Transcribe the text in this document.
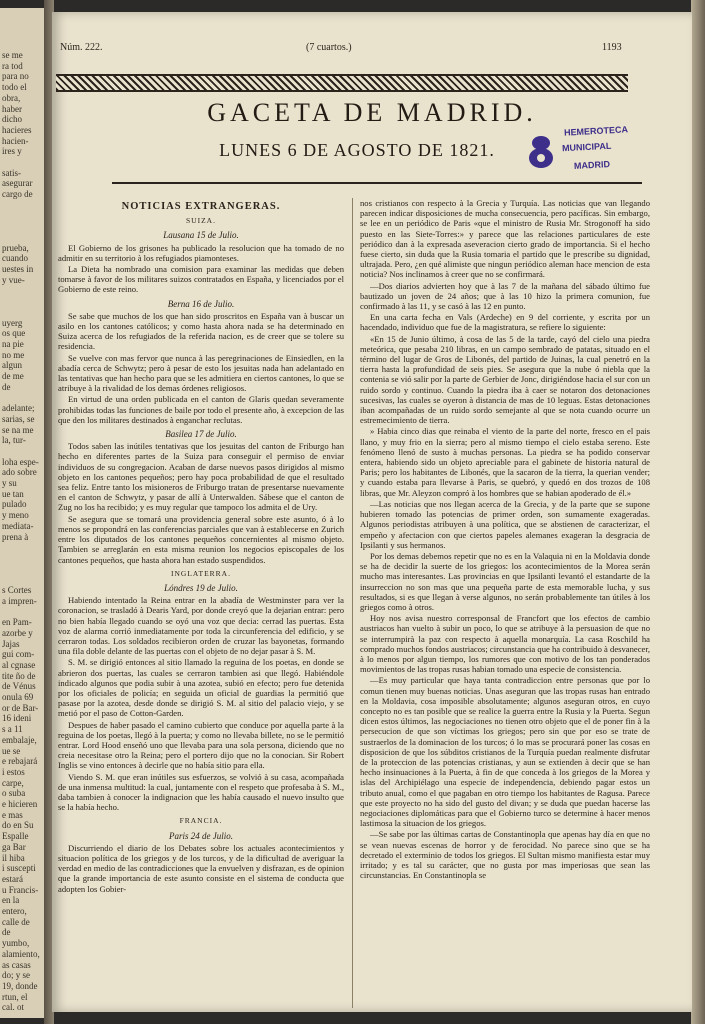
se me
ra tod
para no
todo el
obra,
haber
dicho
hacieres
hacien-
ires y
satis-
asegurar
cargo de
prueba,
cuando
uestes in
y vue-
uyerg
os que
na pie
no me
algun
de me
de
adelante;
sarias, se
se na me
la, tur-
loha espe-
ado sobre
y su
ue tan
pulado
y meno
mediata-
prena à
s Cortes
a impren-
en Pam-
azorbe y
Jajas
gui com-
al cgnase
tite ño de
de Vénus
onula 69
or de Bar-
16 ideni
s a 11
embalaje,
ue se
e rebajará
i estos
carpe,
o suba
e hicieren
e mas
do en Su
Espalle
ga Bar
il hiba
i suscepti
estará
u Francis-
en la
entero,
calle de
de
yumbo,
alamiento,
as casas
do; y se
19, donde
rtun, el
cal. ot
Núm. 222.	(7 cuartos.)	1193
GACETA DE MADRID.
LUNES 6 DE AGOSTO DE 1821.
HEMEROTECA
MUNICIPAL
MADRID
NOTICIAS EXTRANGERAS.
SUIZA.
Lausana 15 de Julio.

El Gobierno de los grisones ha publicado la resolucion que ha tomado de no admitir en su territorio à los refugiados piamonteses.

La Dieta ha nombrado una comision para examinar las medidas que deben tomarse à favor de los militares suizos contratados en España, y licenciados por el Gobierno de este reino.

Berna 16 de Julio.

Se sabe que muchos de los que han sido proscritos en España van à buscar un asilo en los cantones católicos; y como hasta ahora nada se ha determinado en Suiza acerca de los refugiados de la referida nacion, es de creer que se tolere su residencia.

Se vuelve con mas fervor que nunca à las peregrinaciones de Einsiedlen, en la abadía cerca de Schwytz; pero à pesar de esto los jesuitas nada han adelantado en las tentativas que han hecho para que se les admitiera en ciertos cantones, lo que se atribuye à la rivalidad de los demas órdenes religiosos.

En virtud de una orden publicada en el canton de Glaris quedan severamente prohibidas todas las funciones de baile por todo el presente año, à excepcion de las que den los militares destinados à enganchar reclutas.

Basilea 17 de Julio.

Todos saben las inútiles tentativas que los jesuitas del canton de Friburgo han hecho en diferentes partes de la Suiza para conseguir el permiso de enviar individuos de su congregacion. Acaban de darse nuevos pasos dirigidos al mismo objeto en los cantones pequeños; pero hay poca probabilidad de que el resultado sea feliz. Entre tanto los misioneros de Friburgo tratan de presentarse nuevamente en el canton de Schwytz, y pasar de allí à Unterwalden. Sábese que el canton de Zug no los ha recibido; y es muy regular que tampoco los admita el de Ury.

Se asegura que se tomará una providencia general sobre este asunto, ó à lo menos se propondrá en las conferencias parciales que van à establecerse en Zurich entre los diputados de los cantones pequeños concernientes al mismo objeto. Tambien se arreglarán en esta misma reunion los negocios episcopales de los cantones pequeños, que hasta ahora han estado suspendidos.

INGLATERRA.
Lóndres 19 de Julio.

Habiendo intentado la Reina entrar en la abadía de Westminster para ver la coronacion, se trasladó à Dearis Yard, por donde creyó que la dejarian entrar: pero no bien había llegado cuando se oyó una voz que decia: cerrad las puertas. Esta voz de alarma corrió inmediatamente por toda la circunferencia del edificio, y se cerraron todas. Los soldados recibieron orden de cruzar las bayonetas, formando una fila doble delante de las puertas con el objeto de no dejar pasar à S. M.

S. M. se dirigió entonces al sitio llamado la reguina de los poetas, en donde se abrieron dos puertas, las cuales se cerraron tambien asi que llegó. Habiéndole indicado algunos que podia subir à una azotea, subió en efecto; pero fue detenida por los oficiales de policía; en seguida un oficial de guardias la permitió que pasase por la azotea, desde donde se dirigió S. M. al sitio del palacio viejo, y se metió por el paso de Cotton-Garden.

Despues de haber pasado el camino cubierto que conduce por aquella parte à la reguina de los poetas, llegó à la puerta; y como no llevaba billete, no se le permitió entrar. Lord Hood enseñó uno que llevaba para una sola persona, diciendo que no creia necesitase otro la Reina; pero el portero dijo que no la conocian. Sir Robert Inglis se vino entonces à decirle que no había sitio para ella.

Viendo S. M. que eran inútiles sus esfuerzos, se volvió à su casa, acompañada de una inmensa multitud: la cual, juntamente con el respeto que profesaba à S. M., daba tambien à conocer la indignacion que les había causado el nuevo insulto que se la había hecho.

FRANCIA.
Paris 24 de Julio.

Discurriendo el diario de los Debates sobre los actuales acontecimientos y situacion política de los griegos y de los turcos, y de la dificultad de averiguar la verdad en medio de las contradicciones que la envuelven y disfrazan, es de opinion que la grande importancia de este asunto consiste en el sistema de conducta que adopten los Gobier-

nos cristianos con respecto à la Grecia y Turquía. Las noticias que van llegando parecen indicar disposiciones de mucha consecuencia, pero pacíficas. Sin embargo, se lee en un periódico de Paris «que el ministro de Rusia Mr. Strogonoff ha sido puesto en las Siete-Torres:» y parece que las relaciones particulares de este periódico dan à la expresada aseveracion cierto grado de importancia. Si el hecho fuese cierto, sin duda que la Rusia tomaria el partido que le prescribe su dignidad, ultrajada. Pero, ¿en qué alimiste que ningun periódico aleman hace mencion de esta noticia? Nos inclinamos à creer que no se confirmará.

—Dos diarios advierten hoy que à las 7 de la mañana del sábado último fue bautizado un joven de 24 años; que à las 10 hizo la primera comunion, fue confirmado à las 11, y se casó à las 12 en punto.

En una carta fecha en Vals (Ardeche) en 9 del corriente, y escrita por un hacendado, individuo que fue de la magistratura, se refiere lo siguiente:

«En 15 de Junio último, à cosa de las 5 de la tarde, cayó del cielo una piedra meteórica, que pesaba 210 libras, en un campo sembrado de patatas, situado en el término del lugar de Gros de Libonés, del partido de Juinas, la cual penetró en la tierra hasta la profundidad de seis pies. Se asegura que la nube ó niebla que la contenia se vió salir por la parte de Gerbier de Jonc, dirigiéndose hacia el sur con un ruido sordo y continuo. Cuando la piedra iba à caer se notaron dos detonaciones sucesivas, las cuales se oyeron à distancia de mas de 10 leguas. Estas detonaciones iban acompañadas de un ruido sordo semejante al que se nota cuando ocurre un estremecimiento de tierra.

» Habia cinco dias que reinaba el viento de la parte del norte, fresco en el pais llano, y muy frio en la sierra; pero al mismo tiempo el cielo estaba sereno. Este fenómeno llenó de susto à muchas personas. La piedra se ha podido conservar entera, habiendo sido un objeto apreciable para el gabinete de historia natural de Paris; pero los habitantes de Libonés, que la sacaron de la tierra, la querian vender; y cuando estaba para llevarse à Paris, se quebró, y quedó en dos trozos de 108 libras, que Mr. Aleyzon compró à los hombres que se habian apoderado de él.»

—Las noticias que nos llegan acerca de la Grecia, y de la parte que se supone hubieren tomado las potencias de primer orden, son sumamente exageradas. Algunos periodistas atribuyen à una política, que se abstienen de caracterizar, el empeño y afectacion con que ciertos papeles alemanes exageran la desgracia de Ipsilanti y sus hermanos.

Por los demas debemos repetir que no es en la Valaquia ni en la Moldavia donde se ha de decidir la suerte de los griegos: los acontecimientos de la Morea serán mucho mas interesantes. Las provincias en que Ipsilanti levantó el estandarte de la insurreccion no son mas que una pequeña parte de esta memorable lucha, y sus resultados, si es que llegan à verse algunos, no serán probablemente tan útiles à los griegos como à otros.

Hoy nos avisa nuestro corresponsal de Francfort que los efectos de cambio austriacos han vuelto à subir un poco, lo que se atribuye à la persuasion de que no se interrumpirà la paz con respecto à aquella monarquía. La casa Roschild ha comprado muchos fondos austriacos; circunstancia que ha contribuido à desvanecer, à lo menos por algun tiempo, los rumores que con motivo de los tan ponderados movimientos de las tropas rusas habian tomado una especie de consistencia.

—Es muy particular que haya tanta contradiccion entre personas que por lo comun tienen muy buenas noticias. Unas aseguran que las tropas rusas han entrado en la Moldavia, cosa imposible absolutamente; algunos aseguran otros, en cuyo concepto no es tan posible que se realice la guerra entre la Rusia y la Puerta. Segun dicen estos últimos, las negociaciones no tienen otro objeto que el de poner fin à la persecucion de que son víctimas los griegos; pero sin que por eso se trate de sustraerlos de la dominacion de los turcos; ó lo mas se procurará poner las cosas en disposicion de que los súbditos cristianos de la Turquía puedan realmente disfrutar de la proteccion de las potencias cristianas, y aun se extienden à decir que se han hecho insinuaciones à la Puerta, à fin de que conceda à los griegos de la Morea y islas del Archipiélago una especie de independencia, debiendo pagar estos un tributo anual, como el que pagaban en otro tiempo los habitantes de Ragusa. Parece que este proyecto no ha sido del gusto del divan; y se duda que puedan hacerse las negociaciones diplomáticas para que el Gobierno turco se determine à hacer menos lastimosa la situacion de los griegos.

—Se sabe por las últimas cartas de Constantinopla que apenas hay día en que no se vean nuevas escenas de horror y de ferocidad. No parece sino que se ha decretado el exterminio de todos los griegos. El Sultan mismo manifiesta estar muy irritado; y es tal su carácter, que no gusta por mas imperiosas que sean las circunstancias. En Constantinopla se
